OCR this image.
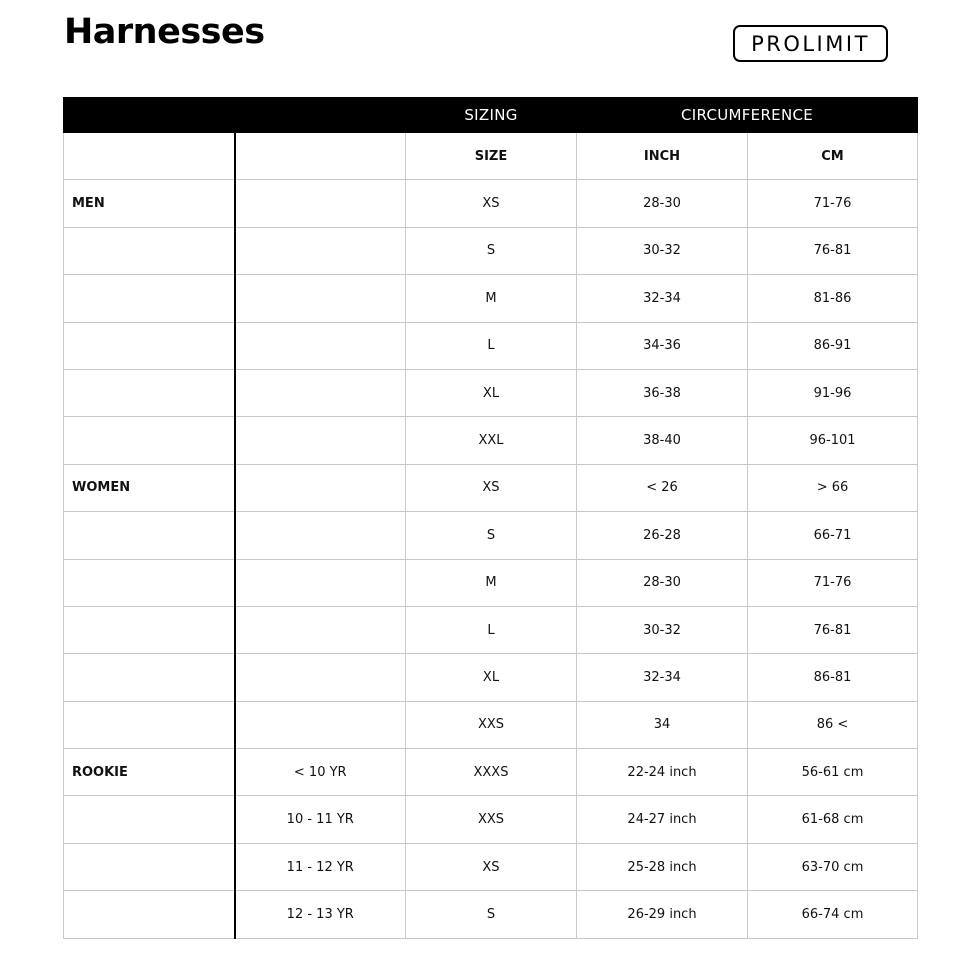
Harnesses	PROLIMIT
		SIZING	CIRCUMFERENCE	
		SIZE	INCH	CM
MEN		XS	28-30	71-76
		S	30-32	76-81
		M	32-34	81-86
		L	34-36	86-91
		XL	36-38	91-96
		XXL	38-40	96-101
WOMEN		XS	< 26	> 66
		S	26-28	66-71
		M	28-30	71-76
		L	30-32	76-81
		XL	32-34	86-81
		XXS	34	86 <
ROOKIE	< 10 YR	XXXS	22-24 inch	56-61 cm
	10 - 11 YR	XXS	24-27 inch	61-68 cm
	11 - 12 YR	XS	25-28 inch	63-70 cm
	12 - 13 YR	S	26-29 inch	66-74 cm
